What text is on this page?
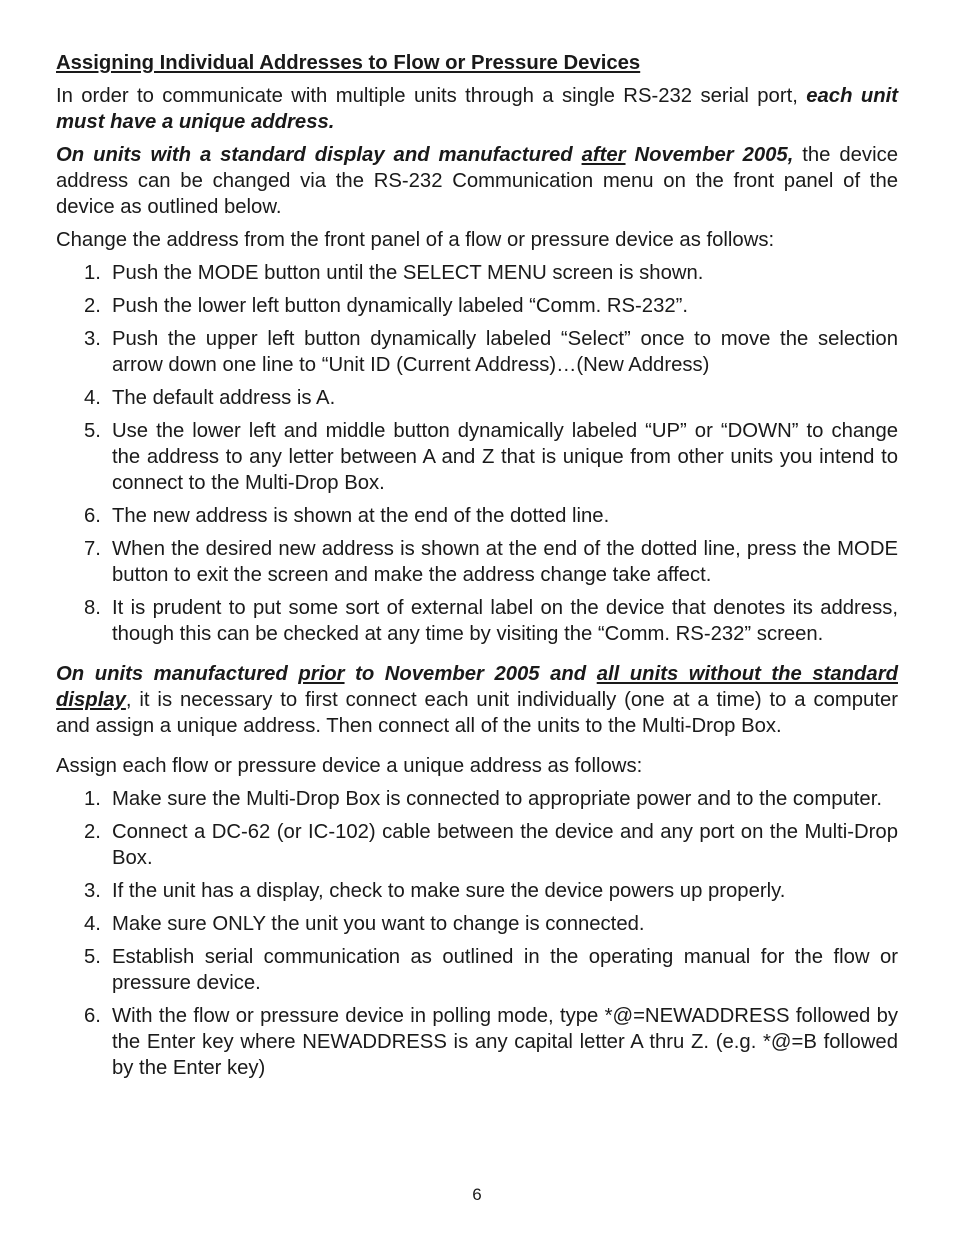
Assigning Individual Addresses to Flow or Pressure Devices

In order to communicate with multiple units through a single RS-232 serial port, each unit must have a unique address.

On units with a standard display and manufactured after November 2005, the device address can be changed via the RS-232 Communication menu on the front panel of the device as outlined below.

Change the address from the front panel of a flow or pressure device as follows:

1. Push the MODE button until the SELECT MENU screen is shown.
2. Push the lower left button dynamically labeled “Comm. RS-232”.
3. Push the upper left button dynamically labeled “Select” once to move the selection arrow down one line to “Unit ID (Current Address)…(New Address)
4. The default address is A.
5. Use the lower left and middle button dynamically labeled “UP” or “DOWN” to change the address to any letter between A and Z that is unique from other units you intend to connect to the Multi-Drop Box.
6. The new address is shown at the end of the dotted line.
7. When the desired new address is shown at the end of the dotted line, press the MODE button to exit the screen and make the address change take affect.
8. It is prudent to put some sort of external label on the device that denotes its address, though this can be checked at any time by visiting the “Comm. RS-232” screen.

On units manufactured prior to November 2005 and all units without the standard display, it is necessary to first connect each unit individually (one at a time) to a computer and assign a unique address. Then connect all of the units to the Multi-Drop Box.

Assign each flow or pressure device a unique address as follows:

1. Make sure the Multi-Drop Box is connected to appropriate power and to the computer.
2. Connect a DC-62 (or IC-102) cable between the device and any port on the Multi-Drop Box.
3. If the unit has a display, check to make sure the device powers up properly.
4. Make sure ONLY the unit you want to change is connected.
5. Establish serial communication as outlined in the operating manual for the flow or pressure device.
6. With the flow or pressure device in polling mode, type *@=NEWADDRESS followed by the Enter key where NEWADDRESS is any capital letter A thru Z. (e.g. *@=B followed by the Enter key)
6
